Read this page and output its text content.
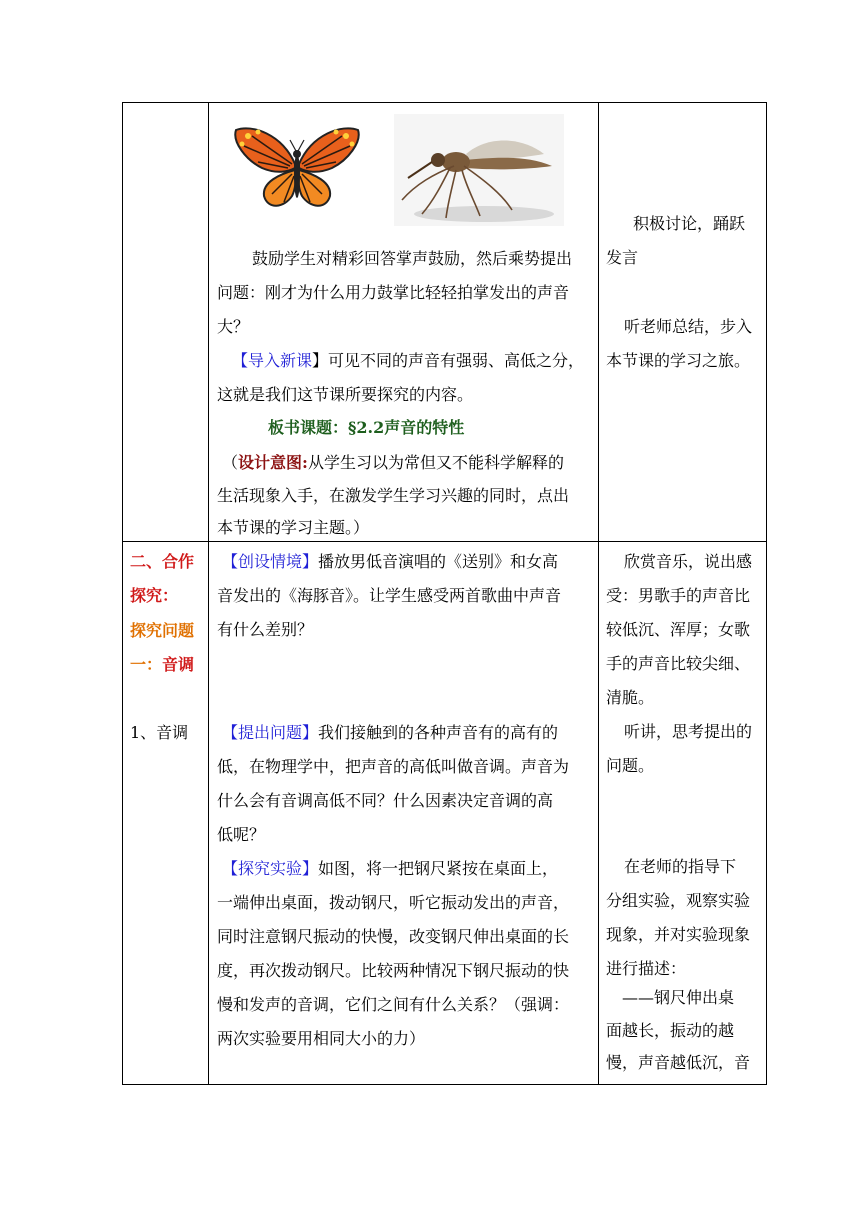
鼓励学生对精彩回答掌声鼓励，然后乘势提出
问题：刚才为什么用力鼓掌比轻轻拍掌发出的声音
大？
【导入新课】可见不同的声音有强弱、高低之分，
这就是我们这节课所要探究的内容。
板书课题：§2.2声音的特性
（设计意图:从学生习以为常但又不能科学解释的
生活现象入手，在激发学生学习兴趣的同时，点出
本节课的学习主题。）
积极讨论，踊跃
发言
听老师总结，步入
本节课的学习之旅。
二、合作
探究：
探究问题
一：音调
1、音调
【创设情境】播放男低音演唱的《送别》和女高
音发出的《海豚音》。让学生感受两首歌曲中声音
有什么差别？
【提出问题】我们接触到的各种声音有的高有的
低，在物理学中，把声音的高低叫做音调。声音为
什么会有音调高低不同？什么因素决定音调的高
低呢？
【探究实验】如图，将一把钢尺紧按在桌面上，
一端伸出桌面，拨动钢尺，听它振动发出的声音，
同时注意钢尺振动的快慢，改变钢尺伸出桌面的长
度，再次拨动钢尺。比较两种情况下钢尺振动的快
慢和发声的音调，它们之间有什么关系？（强调：
两次实验要用相同大小的力）
欣赏音乐，说出感
受：男歌手的声音比
较低沉、浑厚；女歌
手的声音比较尖细、
清脆。
听讲，思考提出的
问题。
在老师的指导下
分组实验，观察实验
现象，并对实验现象
进行描述：
——钢尺伸出桌
面越长，振动的越
慢，声音越低沉，音
